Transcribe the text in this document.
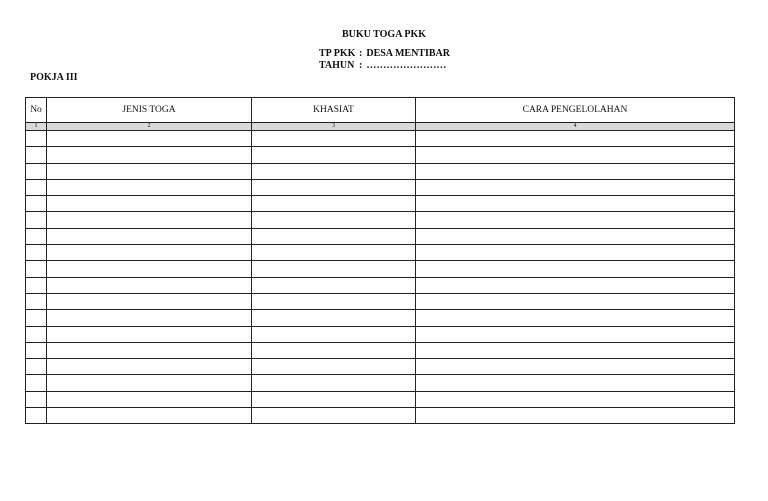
BUKU TOGA PKK
TP PKK : DESA MENTIBAR
TAHUN : ……………………
POKJA III
No	JENIS TOGA	KHASIAT	CARA PENGELOLAHAN
1	2	3	4
